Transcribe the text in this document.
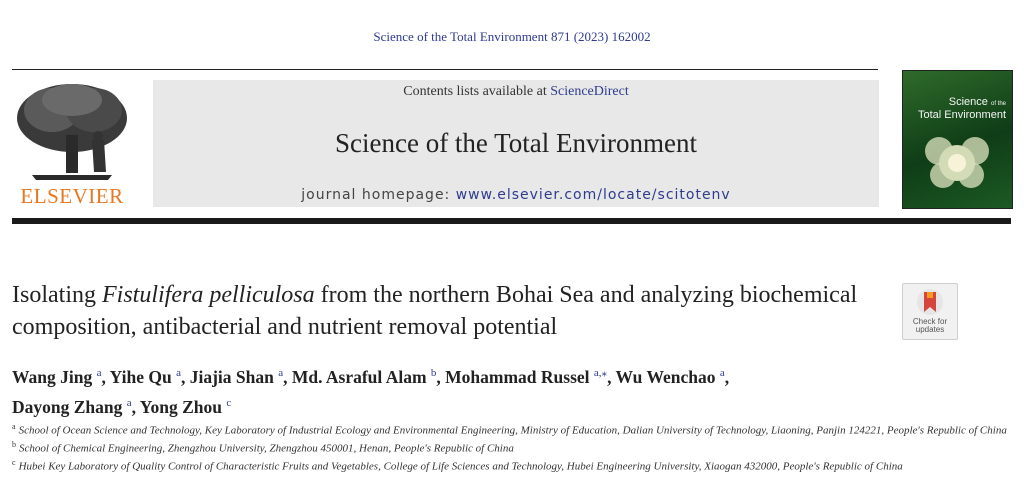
Science of the Total Environment 871 (2023) 162002
ELSEVIER
Contents lists available at ScienceDirect
Science of the Total Environment
journal homepage: www.elsevier.com/locate/scitotenv
Science of the
Total Environment
Isolating Fistulifera pelliculosa from the northern Bohai Sea and analyzing biochemical composition, antibacterial and nutrient removal potential	Check for
updates
Wang Jing $^a$, Yihe Qu $^a$, Jiajia Shan $^a$, Md. Asraful Alam $^b$, Mohammad Russel $^{a,⁎}$, Wu Wenchao $^a$,
Dayong Zhang $^a$, Yong Zhou $^c$
$^a$ School of Ocean Science and Technology, Key Laboratory of Industrial Ecology and Environmental Engineering, Ministry of Education, Dalian University of Technology, Liaoning, Panjin 124221, People's Republic of China
$^b$ School of Chemical Engineering, Zhengzhou University, Zhengzhou 450001, Henan, People's Republic of China
$^c$ Hubei Key Laboratory of Quality Control of Characteristic Fruits and Vegetables, College of Life Sciences and Technology, Hubei Engineering University, Xiaogan 432000, People's Republic of China
